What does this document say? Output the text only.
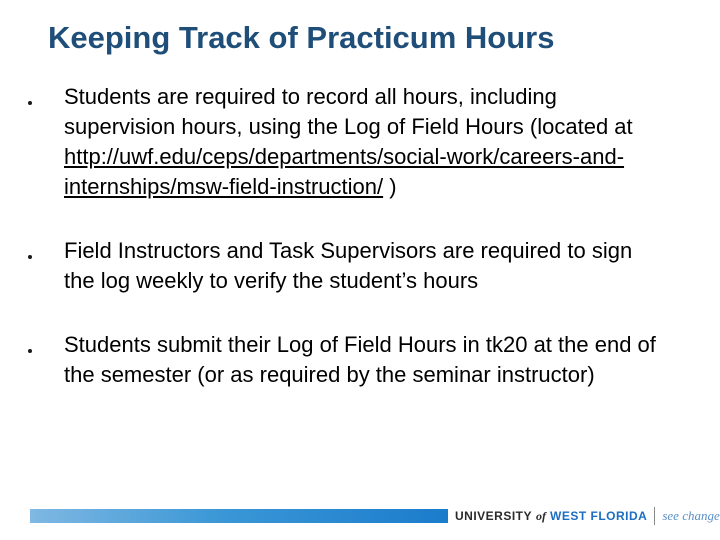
Keeping Track of Practicum Hours
Students are required to record all hours, including supervision hours, using the Log of Field Hours (located at http://uwf.edu/ceps/departments/social-work/careers-and-internships/msw-field-instruction/ )
Field Instructors and Task Supervisors are required to sign the log weekly to verify the student’s hours
Students submit their Log of Field Hours in tk20 at the end of the semester (or as required by the seminar instructor)
UNIVERSITY of WEST FLORIDA see change
